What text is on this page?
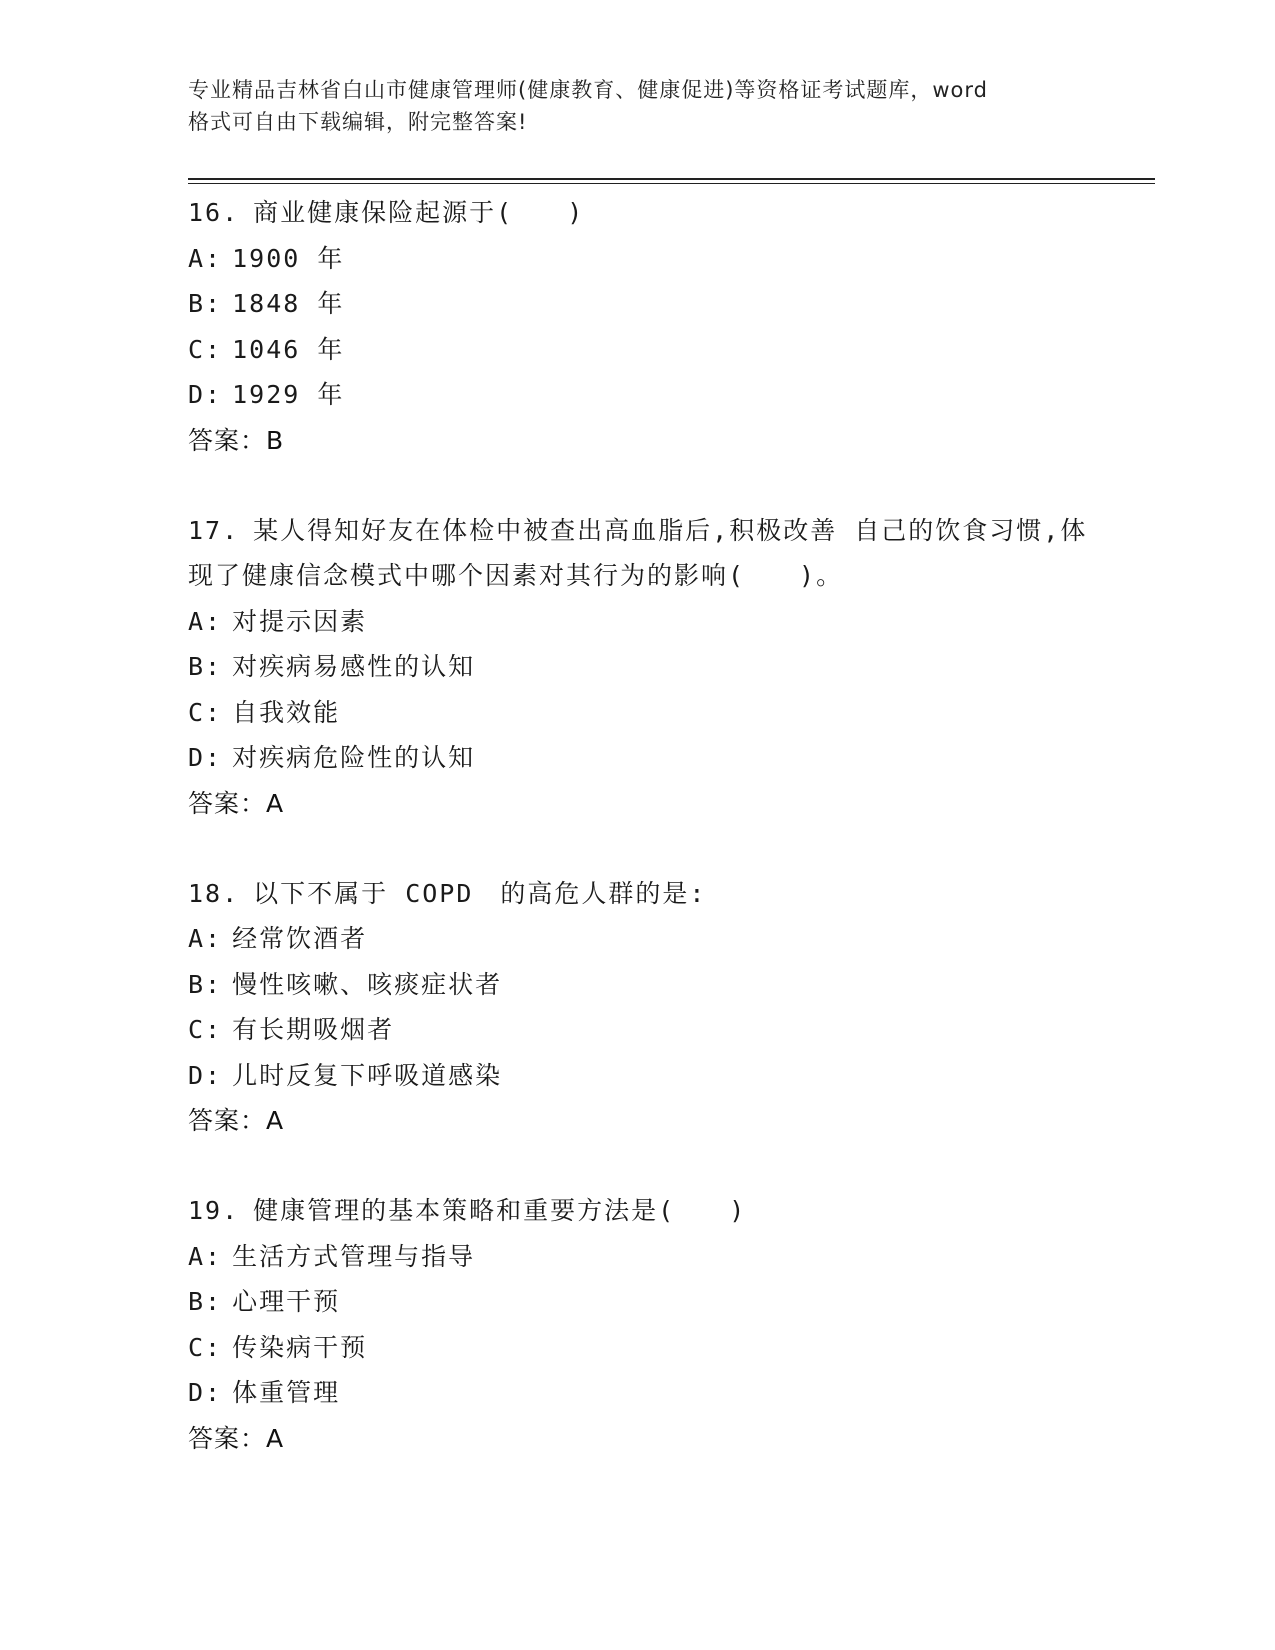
专业精品吉林省白山市健康管理师(健康教育、健康促进)等资格证考试题库，word
格式可自由下载编辑，附完整答案!
16. 商业健康保险起源于(　　)
A: 1900 年
B: 1848 年
C: 1046 年
D: 1929 年
答案：B
17. 某人得知好友在体检中被查出高血脂后,积极改善 自己的饮食习惯,体现了健康信念模式中哪个因素对其行为的影响(　　)。
A: 对提示因素
B: 对疾病易感性的认知
C: 自我效能
D: 对疾病危险性的认知
答案：A
18. 以下不属于 COPD　的高危人群的是:
A: 经常饮酒者
B: 慢性咳嗽、咳痰症状者
C: 有长期吸烟者
D: 儿时反复下呼吸道感染
答案：A
19. 健康管理的基本策略和重要方法是(　　)
A: 生活方式管理与指导
B: 心理干预
C: 传染病干预
D: 体重管理
答案：A
